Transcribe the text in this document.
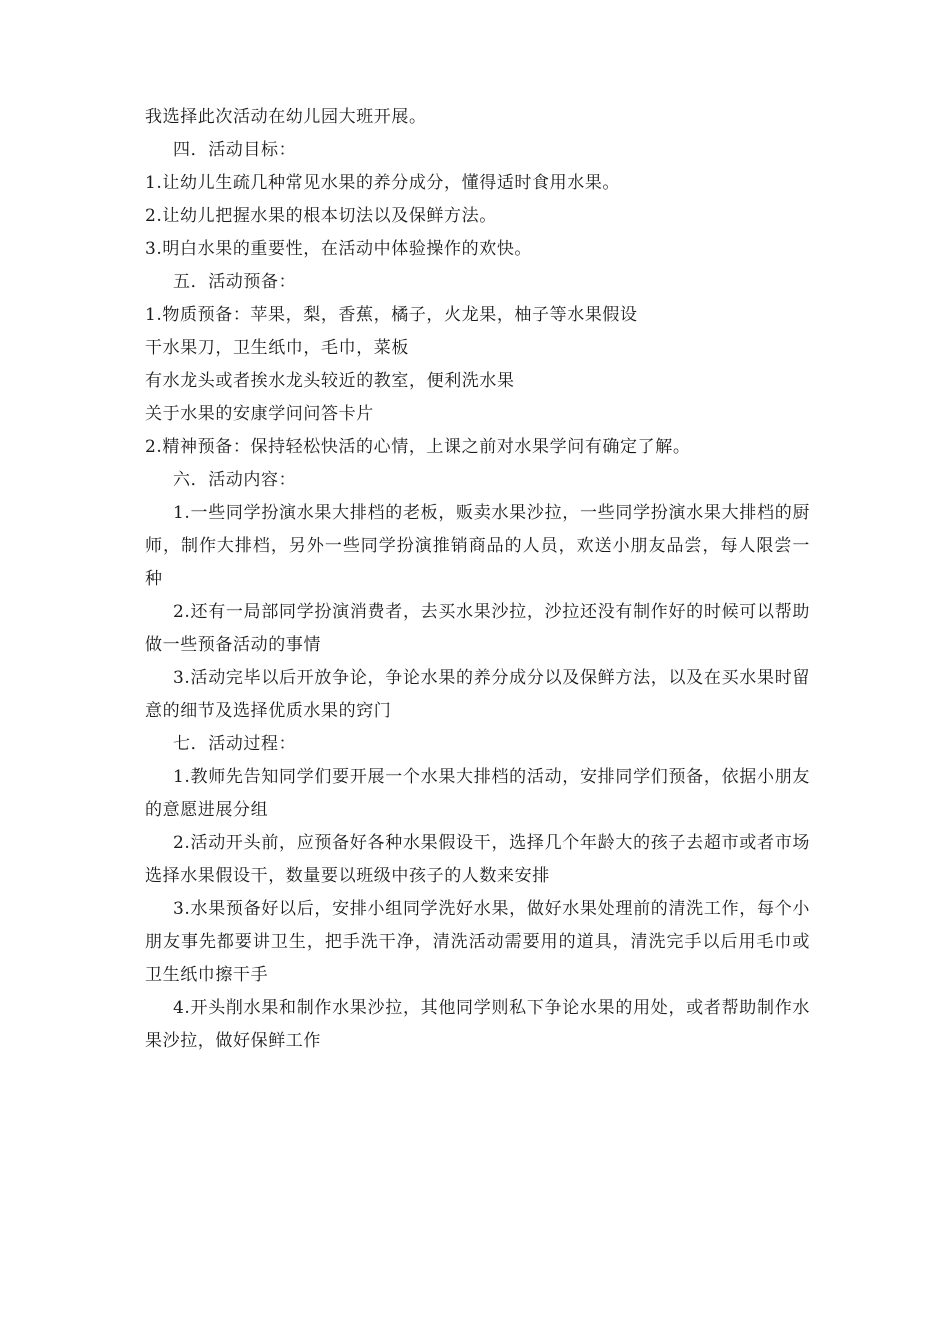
我选择此次活动在幼儿园大班开展。

四．活动目标：

1.让幼儿生疏几种常见水果的养分成分，懂得适时食用水果。

2.让幼儿把握水果的根本切法以及保鲜方法。

3.明白水果的重要性，在活动中体验操作的欢快。

五．活动预备：

1.物质预备：苹果，梨，香蕉，橘子，火龙果，柚子等水果假设

干水果刀，卫生纸巾，毛巾，菜板

有水龙头或者挨水龙头较近的教室，便利洗水果

关于水果的安康学问问答卡片

2.精神预备：保持轻松快活的心情，上课之前对水果学问有确定了解。

六．活动内容：

1.一些同学扮演水果大排档的老板，贩卖水果沙拉，一些同学扮演水果大排档的厨师，制作大排档，另外一些同学扮演推销商品的人员，欢送小朋友品尝，每人限尝一种

2.还有一局部同学扮演消费者，去买水果沙拉，沙拉还没有制作好的时候可以帮助做一些预备活动的事情

3.活动完毕以后开放争论，争论水果的养分成分以及保鲜方法，以及在买水果时留意的细节及选择优质水果的窍门

七．活动过程：

1.教师先告知同学们要开展一个水果大排档的活动，安排同学们预备，依据小朋友的意愿进展分组

2.活动开头前，应预备好各种水果假设干，选择几个年龄大的孩子去超市或者市场选择水果假设干，数量要以班级中孩子的人数来安排

3.水果预备好以后，安排小组同学洗好水果，做好水果处理前的清洗工作，每个小朋友事先都要讲卫生，把手洗干净，清洗活动需要用的道具，清洗完手以后用毛巾或卫生纸巾擦干手

4.开头削水果和制作水果沙拉，其他同学则私下争论水果的用处，或者帮助制作水果沙拉，做好保鲜工作
